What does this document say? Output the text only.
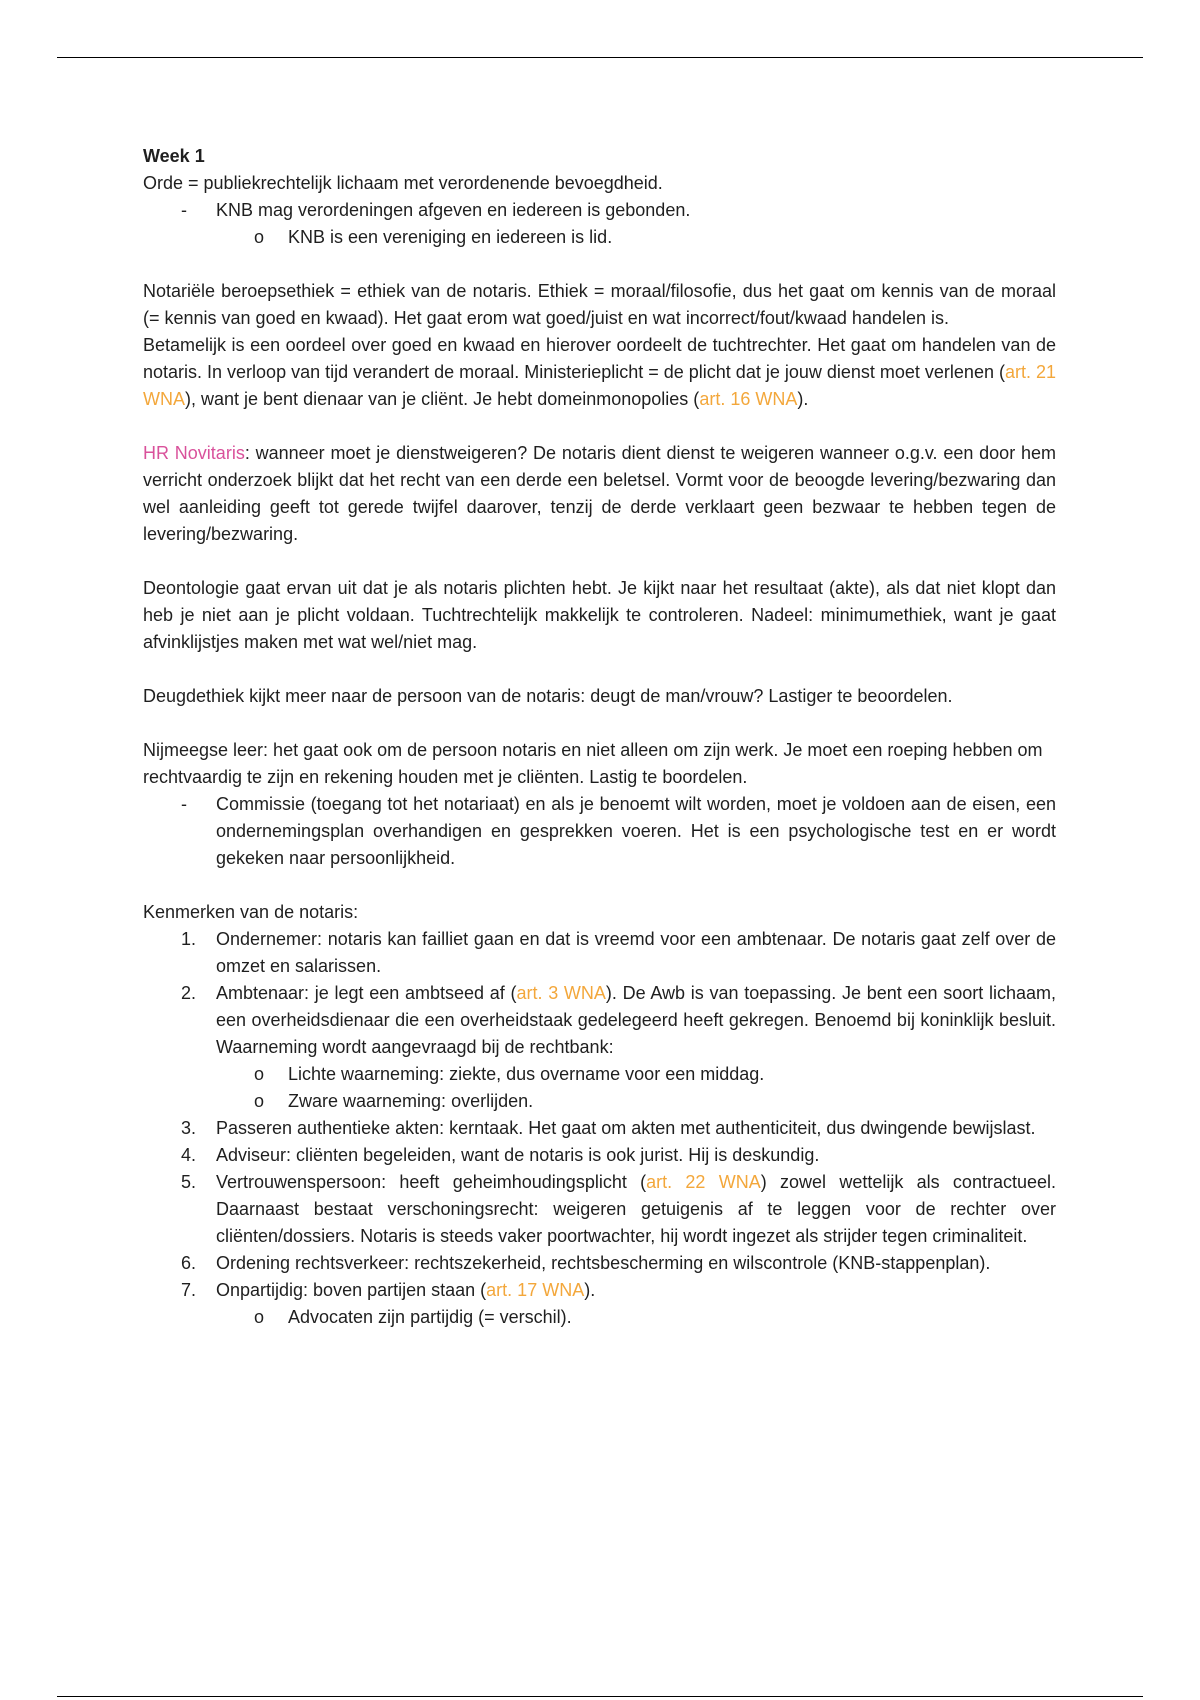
Week 1

Orde = publiekrechtelijk lichaam met verordenende bevoegdheid.

- KNB mag verordeningen afgeven en iedereen is gebonden.
o KNB is een vereniging en iedereen is lid.

Notariële beroepsethiek = ethiek van de notaris. Ethiek = moraal/filosofie, dus het gaat om kennis van de moraal (= kennis van goed en kwaad). Het gaat erom wat goed/juist en wat incorrect/fout/kwaad handelen is.

Betamelijk is een oordeel over goed en kwaad en hierover oordeelt de tuchtrechter. Het gaat om handelen van de notaris. In verloop van tijd verandert de moraal. Ministerieplicht = de plicht dat je jouw dienst moet verlenen (art. 21 WNA), want je bent dienaar van je cliënt. Je hebt domeinmonopolies (art. 16 WNA).

HR Novitaris: wanneer moet je dienstweigeren? De notaris dient dienst te weigeren wanneer o.g.v. een door hem verricht onderzoek blijkt dat het recht van een derde een beletsel. Vormt voor de beoogde levering/bezwaring dan wel aanleiding geeft tot gerede twijfel daarover, tenzij de derde verklaart geen bezwaar te hebben tegen de levering/bezwaring.

Deontologie gaat ervan uit dat je als notaris plichten hebt. Je kijkt naar het resultaat (akte), als dat niet klopt dan heb je niet aan je plicht voldaan. Tuchtrechtelijk makkelijk te controleren. Nadeel: minimumethiek, want je gaat afvinklijstjes maken met wat wel/niet mag.

Deugdethiek kijkt meer naar de persoon van de notaris: deugt de man/vrouw? Lastiger te beoordelen.

Nijmeegse leer: het gaat ook om de persoon notaris en niet alleen om zijn werk. Je moet een roeping hebben om rechtvaardig te zijn en rekening houden met je cliënten. Lastig te boordelen.

- Commissie (toegang tot het notariaat) en als je benoemt wilt worden, moet je voldoen aan de eisen, een ondernemingsplan overhandigen en gesprekken voeren. Het is een psychologische test en er wordt gekeken naar persoonlijkheid.

Kenmerken van de notaris:

1. Ondernemer: notaris kan failliet gaan en dat is vreemd voor een ambtenaar. De notaris gaat zelf over de omzet en salarissen.
2. Ambtenaar: je legt een ambtseed af (art. 3 WNA). De Awb is van toepassing. Je bent een soort lichaam, een overheidsdienaar die een overheidstaak gedelegeerd heeft gekregen. Benoemd bij koninklijk besluit. Waarneming wordt aangevraagd bij de rechtbank:
o Lichte waarneming: ziekte, dus overname voor een middag.
o Zware waarneming: overlijden.
3. Passeren authentieke akten: kerntaak. Het gaat om akten met authenticiteit, dus dwingende bewijslast.
4. Adviseur: cliënten begeleiden, want de notaris is ook jurist. Hij is deskundig.
5. Vertrouwenspersoon: heeft geheimhoudingsplicht (art. 22 WNA) zowel wettelijk als contractueel. Daarnaast bestaat verschoningsrecht: weigeren getuigenis af te leggen voor de rechter over cliënten/dossiers. Notaris is steeds vaker poortwachter, hij wordt ingezet als strijder tegen criminaliteit.
6. Ordening rechtsverkeer: rechtszekerheid, rechtsbescherming en wilscontrole (KNB-stappenplan).
7. Onpartijdig: boven partijen staan (art. 17 WNA).
o Advocaten zijn partijdig (= verschil).
